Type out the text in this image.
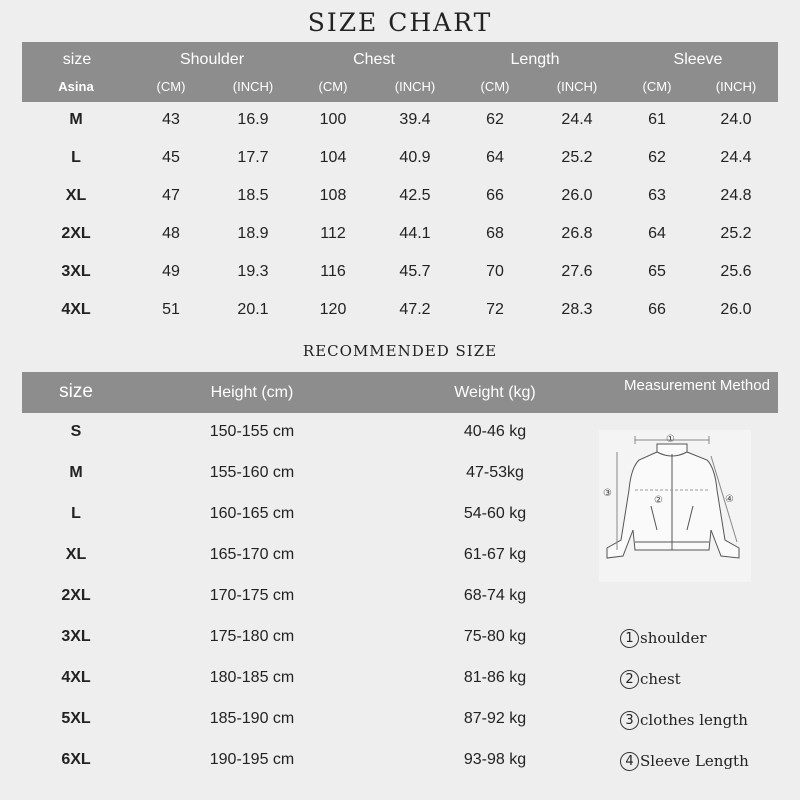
SIZE CHART
size	Shoulder	Chest	Length	Sleeve
Asina	(CM)	(INCH)	(CM)	(INCH)	(CM)	(INCH)	(CM)	(INCH)
M	43	16.9	100	39.4	62	24.4	61	24.0
L	45	17.7	104	40.9	64	25.2	62	24.4
XL	47	18.5	108	42.5	66	26.0	63	24.8
2XL	48	18.9	112	44.1	68	26.8	64	25.2
3XL	49	19.3	116	45.7	70	27.6	65	25.6
4XL	51	20.1	120	47.2	72	28.3	66	26.0
RECOMMENDED SIZE
size	Height (cm)	Weight (kg)	Measurement Method
S	150-155 cm	40-46 kg
M	155-160 cm	47-53kg
L	160-165 cm	54-60 kg
XL	165-170 cm	61-67 kg
2XL	170-175 cm	68-74 kg
3XL	175-180 cm	75-80 kg
4XL	180-185 cm	81-86 kg
5XL	185-190 cm	87-92 kg
6XL	190-195 cm	93-98 kg
①
②
③
④
1 shoulder
2 chest
3 clothes length
4 Sleeve Length
